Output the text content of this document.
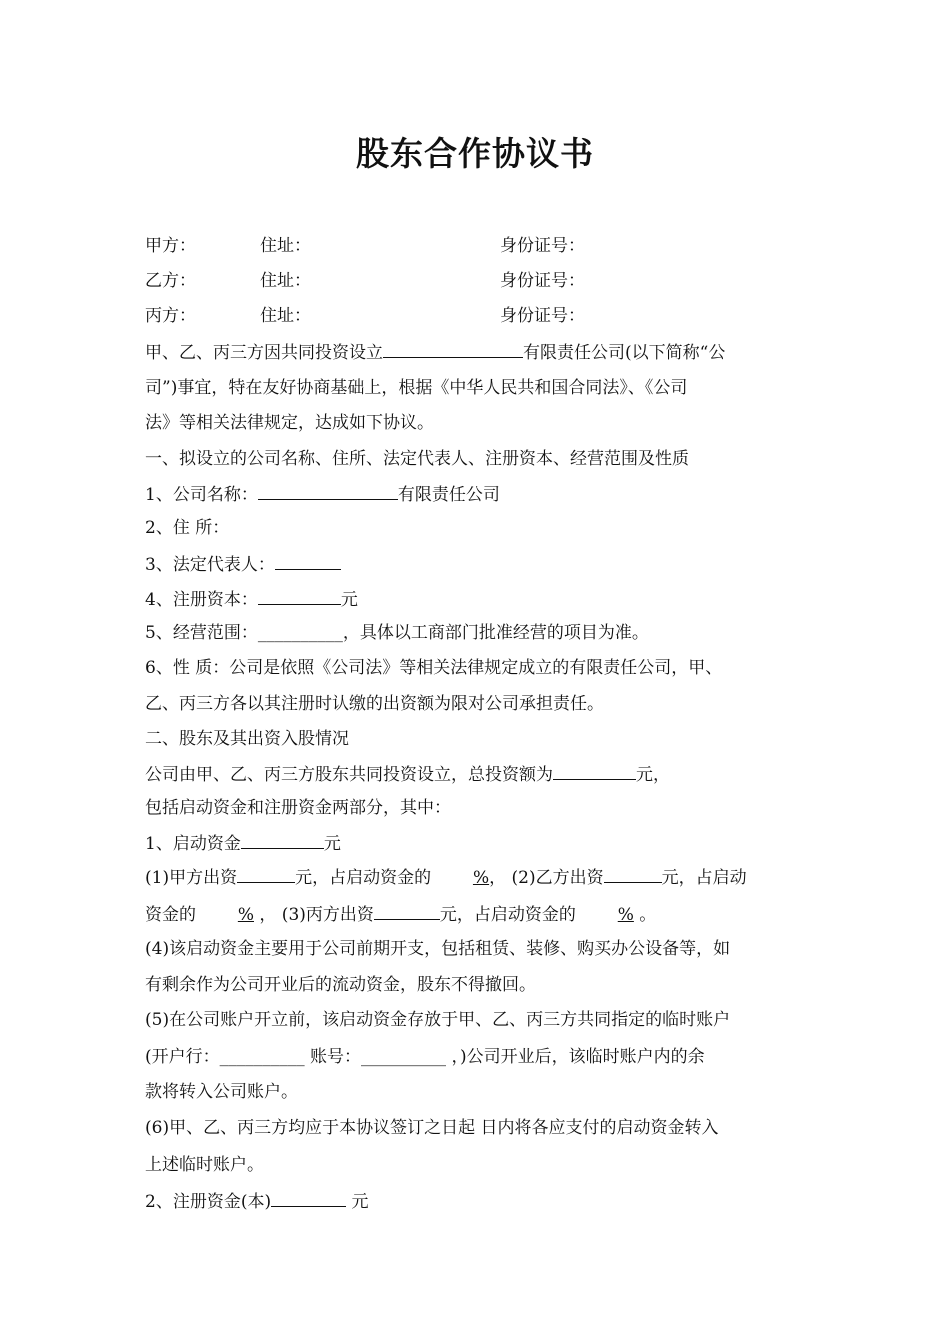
股东合作协议书
甲方：	住址：	身份证号：
乙方：	住址：	身份证号：
丙方：	住址：	身份证号：
甲、乙、丙三方因共同投资设立	有限责任公司(以下简称“公
司”)事宜，特在友好协商基础上，根据《中华人民共和国合同法》、《公司
法》等相关法律规定，达成如下协议。
一、拟设立的公司名称、住所、法定代表人、注册资本、经营范围及性质
1、公司名称：	有限责任公司
2、住 所：
3、法定代表人：
4、注册资本：	元
5、经营范围：__________，具体以工商部门批准经营的项目为准。
6、性 质：公司是依照《公司法》等相关法律规定成立的有限责任公司，甲、
乙、丙三方各以其注册时认缴的出资额为限对公司承担责任。
二、股东及其出资入股情况
公司由甲、乙、丙三方股东共同投资设立，总投资额为	元，
包括启动资金和注册资金两部分，其中：
1、启动资金	元
(1)甲方出资	元，占启动资金的 %， (2)乙方出资	元，占启动
资金的 % ， (3)丙方出资	元，占启动资金的 % 。
(4)该启动资金主要用于公司前期开支，包括租赁、装修、购买办公设备等，如
有剩余作为公司开业后的流动资金，股东不得撤回。
(5)在公司账户开立前，该启动资金存放于甲、乙、丙三方共同指定的临时账户
(开户行：__________ 账号：__________ ，)公司开业后，该临时账户内的余
款将转入公司账户。
(6)甲、乙、丙三方均应于本协议签订之日起 日内将各应支付的启动资金转入
上述临时账户。
2、注册资金(本)	元
